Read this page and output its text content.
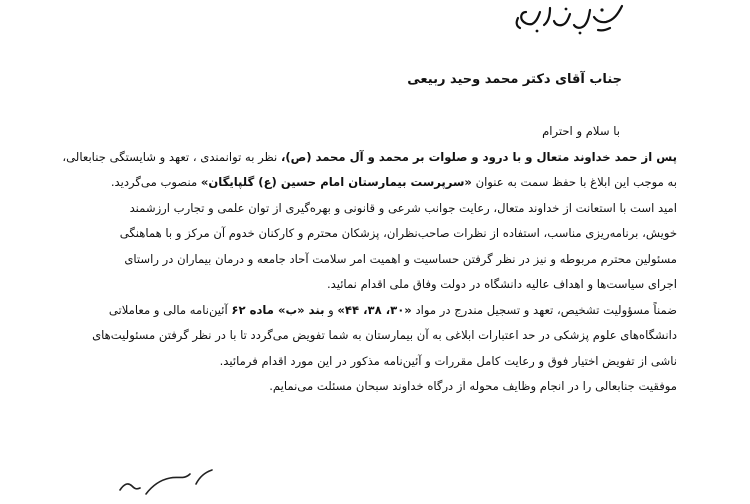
جناب آقای دکتر محمد وحید ربیعی

با سلام و احترام

پس از حمد خداوند متعال و با درود و صلوات بر محمد و آل محمد (ص)، نظر به توانمندی ، تعهد و شایستگی جنابعالی،
به موجب این ابلاغ با حفظ سمت به عنوان «سرپرست بیمارستان امام حسین (ع) گلپایگان» منصوب می‌گردید.

امید است با استعانت از خداوند متعال، رعایت جوانب شرعی و قانونی و بهره‌گیری از توان علمی و تجارب ارزشمند
خویش، برنامه‌ریزی مناسب، استفاده از نظرات صاحب‌نظران، پزشکان محترم و کارکنان خدوم آن مرکز و با هماهنگی
مسئولین محترم مربوطه و نیز در نظر گرفتن حساسیت و اهمیت امر سلامت آحاد جامعه و درمان بیماران در راستای
اجرای سیاست‌ها و اهداف عالیه دانشگاه در دولت وفاق ملی اقدام نمائید.

ضمناً مسؤولیت تشخیص، تعهد و تسجیل مندرج در مواد «۳۰، ۳۸، ۴۴» و بند «ب» ماده ۶۲ آئین‌نامه مالی و معاملاتی
دانشگاه‌های علوم پزشکی در حد اعتبارات ابلاغی به آن بیمارستان به شما تفویض می‌گردد تا با در نظر گرفتن مسئولیت‌های
ناشی از تفویض اختیار فوق و رعایت کامل مقررات و آئین‌نامه مذکور در این مورد اقدام فرمائید.

موفقیت جنابعالی را در انجام وظایف محوله از درگاه خداوند سبحان مسئلت می‌نمایم.
